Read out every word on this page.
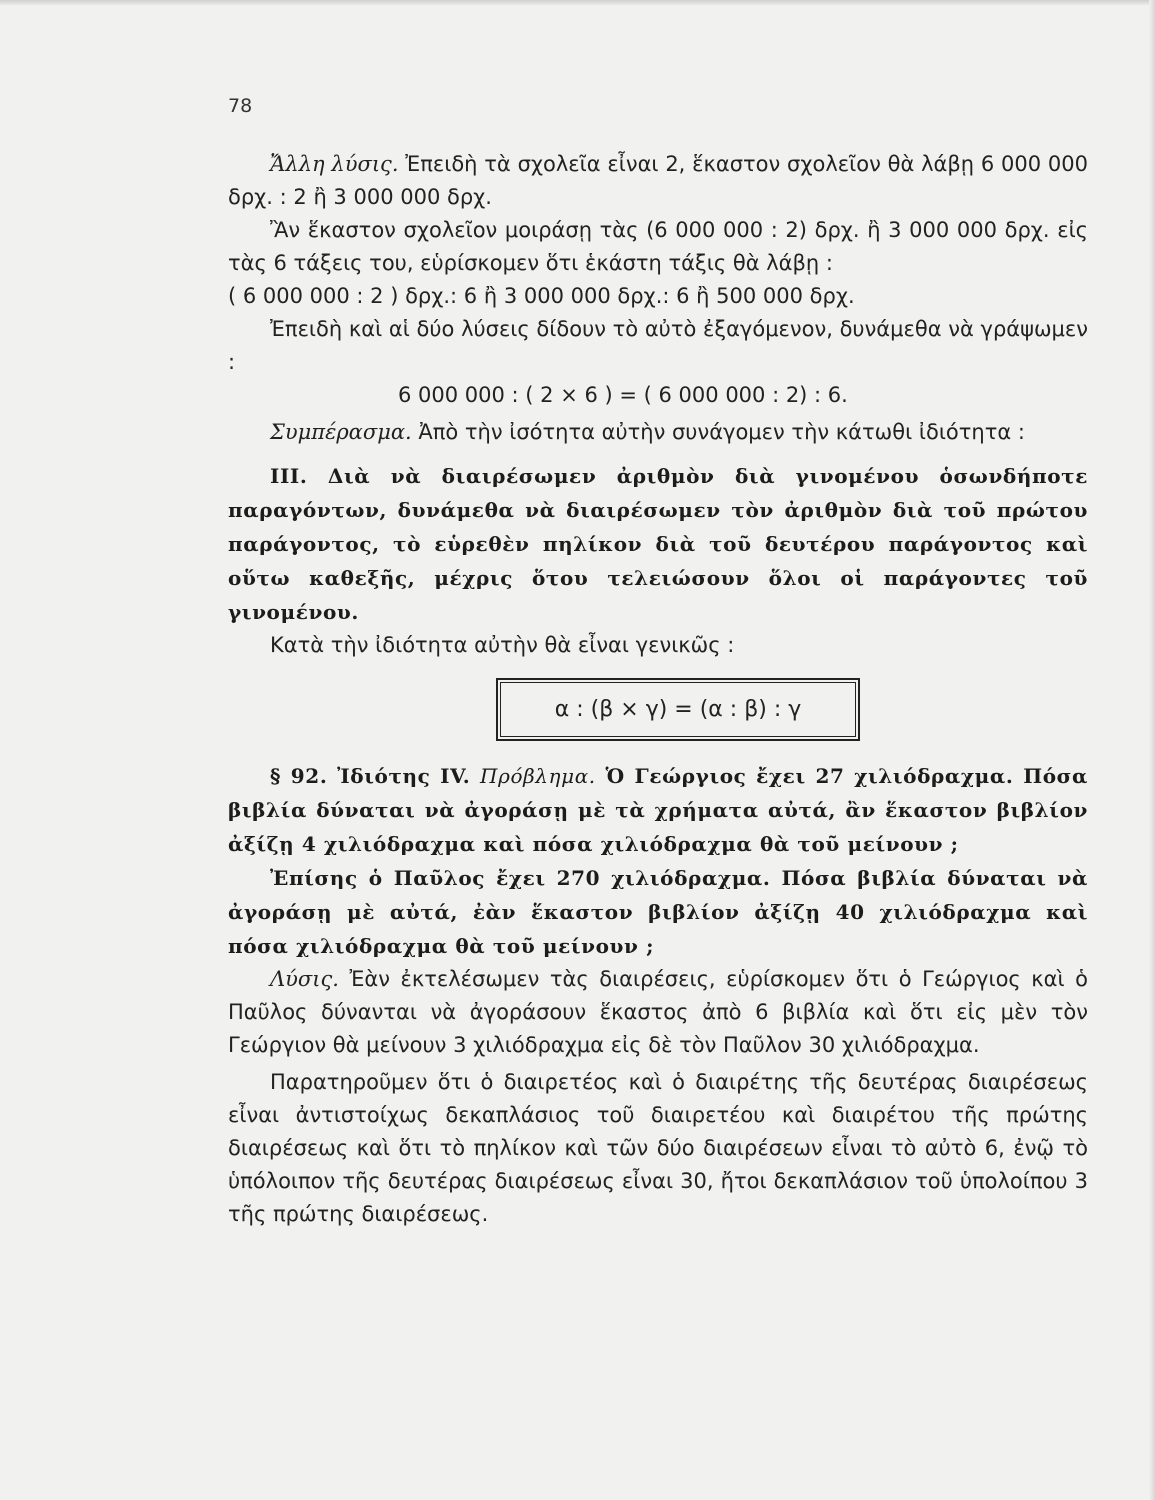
78

Ἄλλη λύσις. Ἐπειδὴ τὰ σχολεῖα εἶναι 2, ἕκαστον σχολεῖον θὰ λάβῃ 6 000 000 δρχ. : 2 ἢ 3 000 000 δρχ.

Ἂν ἕκαστον σχολεῖον μοιράσῃ τὰς (6 000 000 : 2) δρχ. ἢ 3 000 000 δρχ. εἰς τὰς 6 τάξεις του, εὑρίσκομεν ὅτι ἑκάστη τάξις θὰ λάβῃ :

( 6 000 000 : 2 ) δρχ.: 6 ἢ 3 000 000 δρχ.: 6 ἢ 500 000 δρχ.

Ἐπειδὴ καὶ αἱ δύο λύσεις δίδουν τὸ αὐτὸ ἐξαγόμενον, δυνάμεθα νὰ γράψωμεν :

6 000 000 : ( 2 × 6 ) = ( 6 000 000 : 2) : 6.

Συμπέρασμα. Ἀπὸ τὴν ἰσότητα αὐτὴν συνάγομεν τὴν κάτωθι ἰδιότητα :

III. Διὰ νὰ διαιρέσωμεν ἀριθμὸν διὰ γινομένου ὁσωνδήποτε παραγόντων, δυνάμεθα νὰ διαιρέσωμεν τὸν ἀριθμὸν διὰ τοῦ πρώτου παράγοντος, τὸ εὑρεθὲν πηλίκον διὰ τοῦ δευτέρου παράγοντος καὶ οὕτω καθεξῆς, μέχρις ὅτου τελειώσουν ὅλοι οἱ παράγοντες τοῦ γινομένου.

Κατὰ τὴν ἰδιότητα αὐτὴν θὰ εἶναι γενικῶς :

α : (β × γ) = (α : β) : γ

§ 92. Ἰδιότης IV. Πρόβλημα. Ὁ Γεώργιος ἔχει 27 χιλιόδραχμα. Πόσα βιβλία δύναται νὰ ἀγοράσῃ μὲ τὰ χρήματα αὐτά, ἂν ἕκαστον βιβλίον ἀξίζῃ 4 χιλιόδραχμα καὶ πόσα χιλιόδραχμα θὰ τοῦ μείνουν ;

Ἐπίσης ὁ Παῦλος ἔχει 270 χιλιόδραχμα. Πόσα βιβλία δύναται νὰ ἀγοράσῃ μὲ αὐτά, ἐὰν ἕκαστον βιβλίον ἀξίζῃ 40 χιλιόδραχμα καὶ πόσα χιλιόδραχμα θὰ τοῦ μείνουν ;

Λύσις. Ἐὰν ἐκτελέσωμεν τὰς διαιρέσεις, εὑρίσκομεν ὅτι ὁ Γεώργιος καὶ ὁ Παῦλος δύνανται νὰ ἀγοράσουν ἕκαστος ἀπὸ 6 βιβλία καὶ ὅτι εἰς μὲν τὸν Γεώργιον θὰ μείνουν 3 χιλιόδραχμα εἰς δὲ τὸν Παῦλον 30 χιλιόδραχμα.

Παρατηροῦμεν ὅτι ὁ διαιρετέος καὶ ὁ διαιρέτης τῆς δευτέρας διαιρέσεως εἶναι ἀντιστοίχως δεκαπλάσιος τοῦ διαιρετέου καὶ διαιρέτου τῆς πρώτης διαιρέσεως καὶ ὅτι τὸ πηλίκον καὶ τῶν δύο διαιρέσεων εἶναι τὸ αὐτὸ 6, ἐνῷ τὸ ὑπόλοιπον τῆς δευτέρας διαιρέσεως εἶναι 30, ἤτοι δεκαπλάσιον τοῦ ὑπολοίπου 3 τῆς πρώτης διαιρέσεως.
